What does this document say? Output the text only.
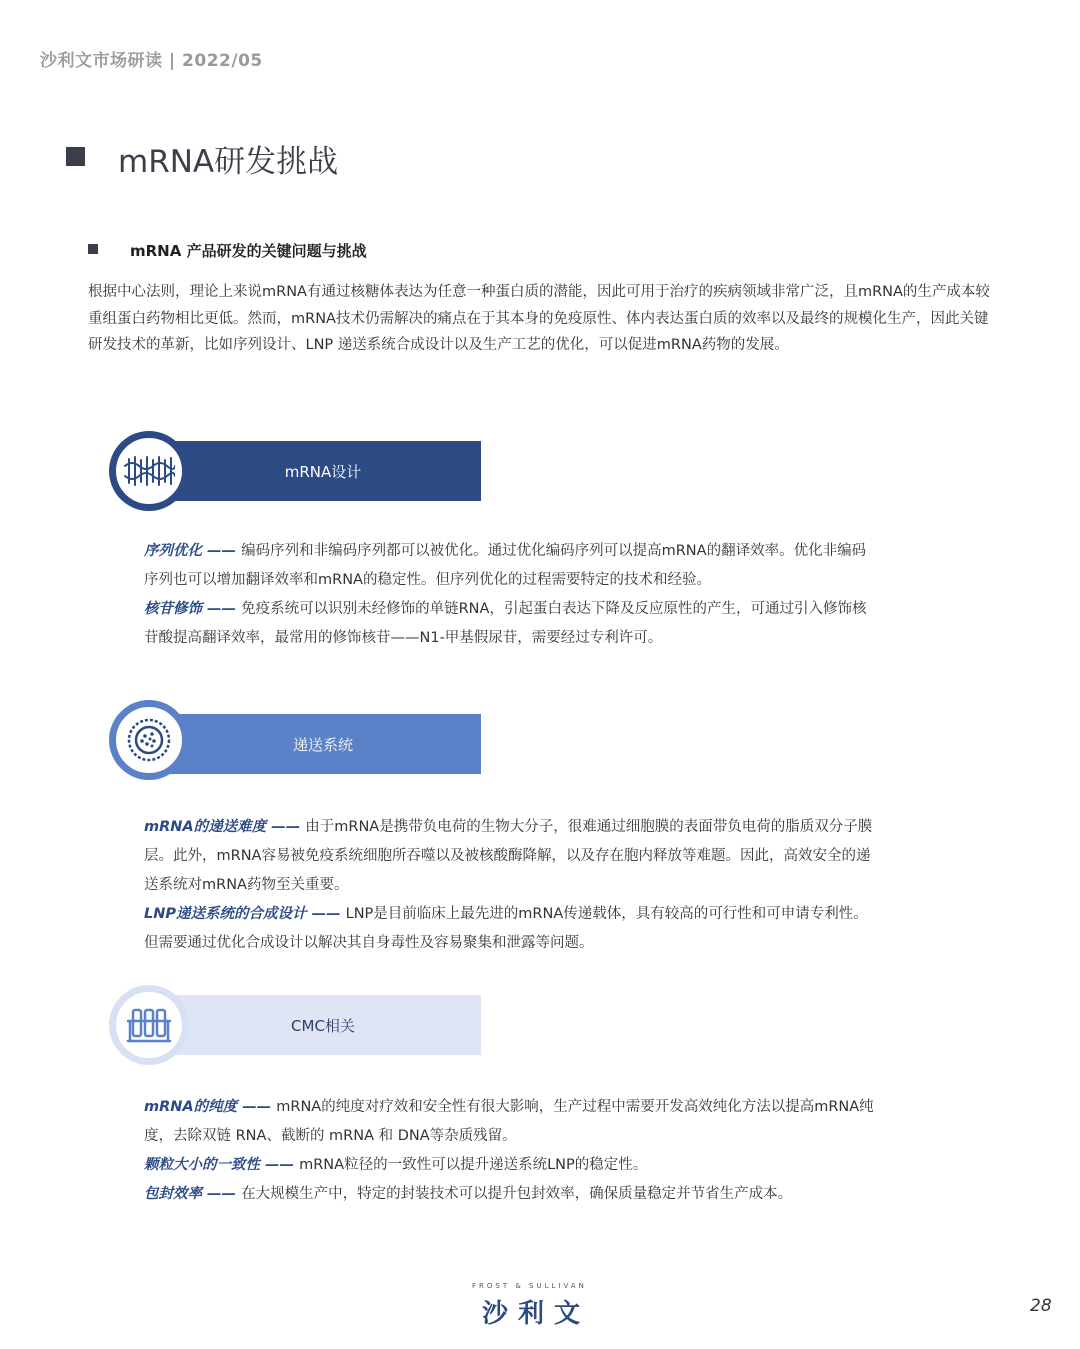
沙利文市场研读 | 2022/05
mRNA研发挑战
mRNA 产品研发的关键问题与挑战
根据中心法则，理论上来说mRNA有通过核糖体表达为任意一种蛋白质的潜能，因此可用于治疗的疾病领域非常广泛，且mRNA的生产成本较重组蛋白药物相比更低。然而，mRNA技术仍需解决的痛点在于其本身的免疫原性、体内表达蛋白质的效率以及最终的规模化生产，因此关键研发技术的革新，比如序列设计、LNP 递送系统合成设计以及生产工艺的优化，可以促进mRNA药物的发展。
mRNA设计
序列优化 —— 编码序列和非编码序列都可以被优化。通过优化编码序列可以提高mRNA的翻译效率。优化非编码序列也可以增加翻译效率和mRNA的稳定性。但序列优化的过程需要特定的技术和经验。
核苷修饰 —— 免疫系统可以识别未经修饰的单链RNA，引起蛋白表达下降及反应原性的产生，可通过引入修饰核苷酸提高翻译效率，最常用的修饰核苷——N1-甲基假尿苷，需要经过专利许可。
递送系统
mRNA的递送难度 —— 由于mRNA是携带负电荷的生物大分子，很难通过细胞膜的表面带负电荷的脂质双分子膜层。此外，mRNA容易被免疫系统细胞所吞噬以及被核酸酶降解，以及存在胞内释放等难题。因此，高效安全的递送系统对mRNA药物至关重要。
LNP递送系统的合成设计 —— LNP是目前临床上最先进的mRNA传递载体，具有较高的可行性和可申请专利性。但需要通过优化合成设计以解决其自身毒性及容易聚集和泄露等问题。
CMC相关
mRNA的纯度 —— mRNA的纯度对疗效和安全性有很大影响，生产过程中需要开发高效纯化方法以提高mRNA纯度，去除双链 RNA、截断的 mRNA 和 DNA等杂质残留。
颗粒大小的一致性 —— mRNA粒径的一致性可以提升递送系统LNP的稳定性。
包封效率 —— 在大规模生产中，特定的封装技术可以提升包封效率，确保质量稳定并节省生产成本。
FROST & SULLIVAN
沙利文	28
